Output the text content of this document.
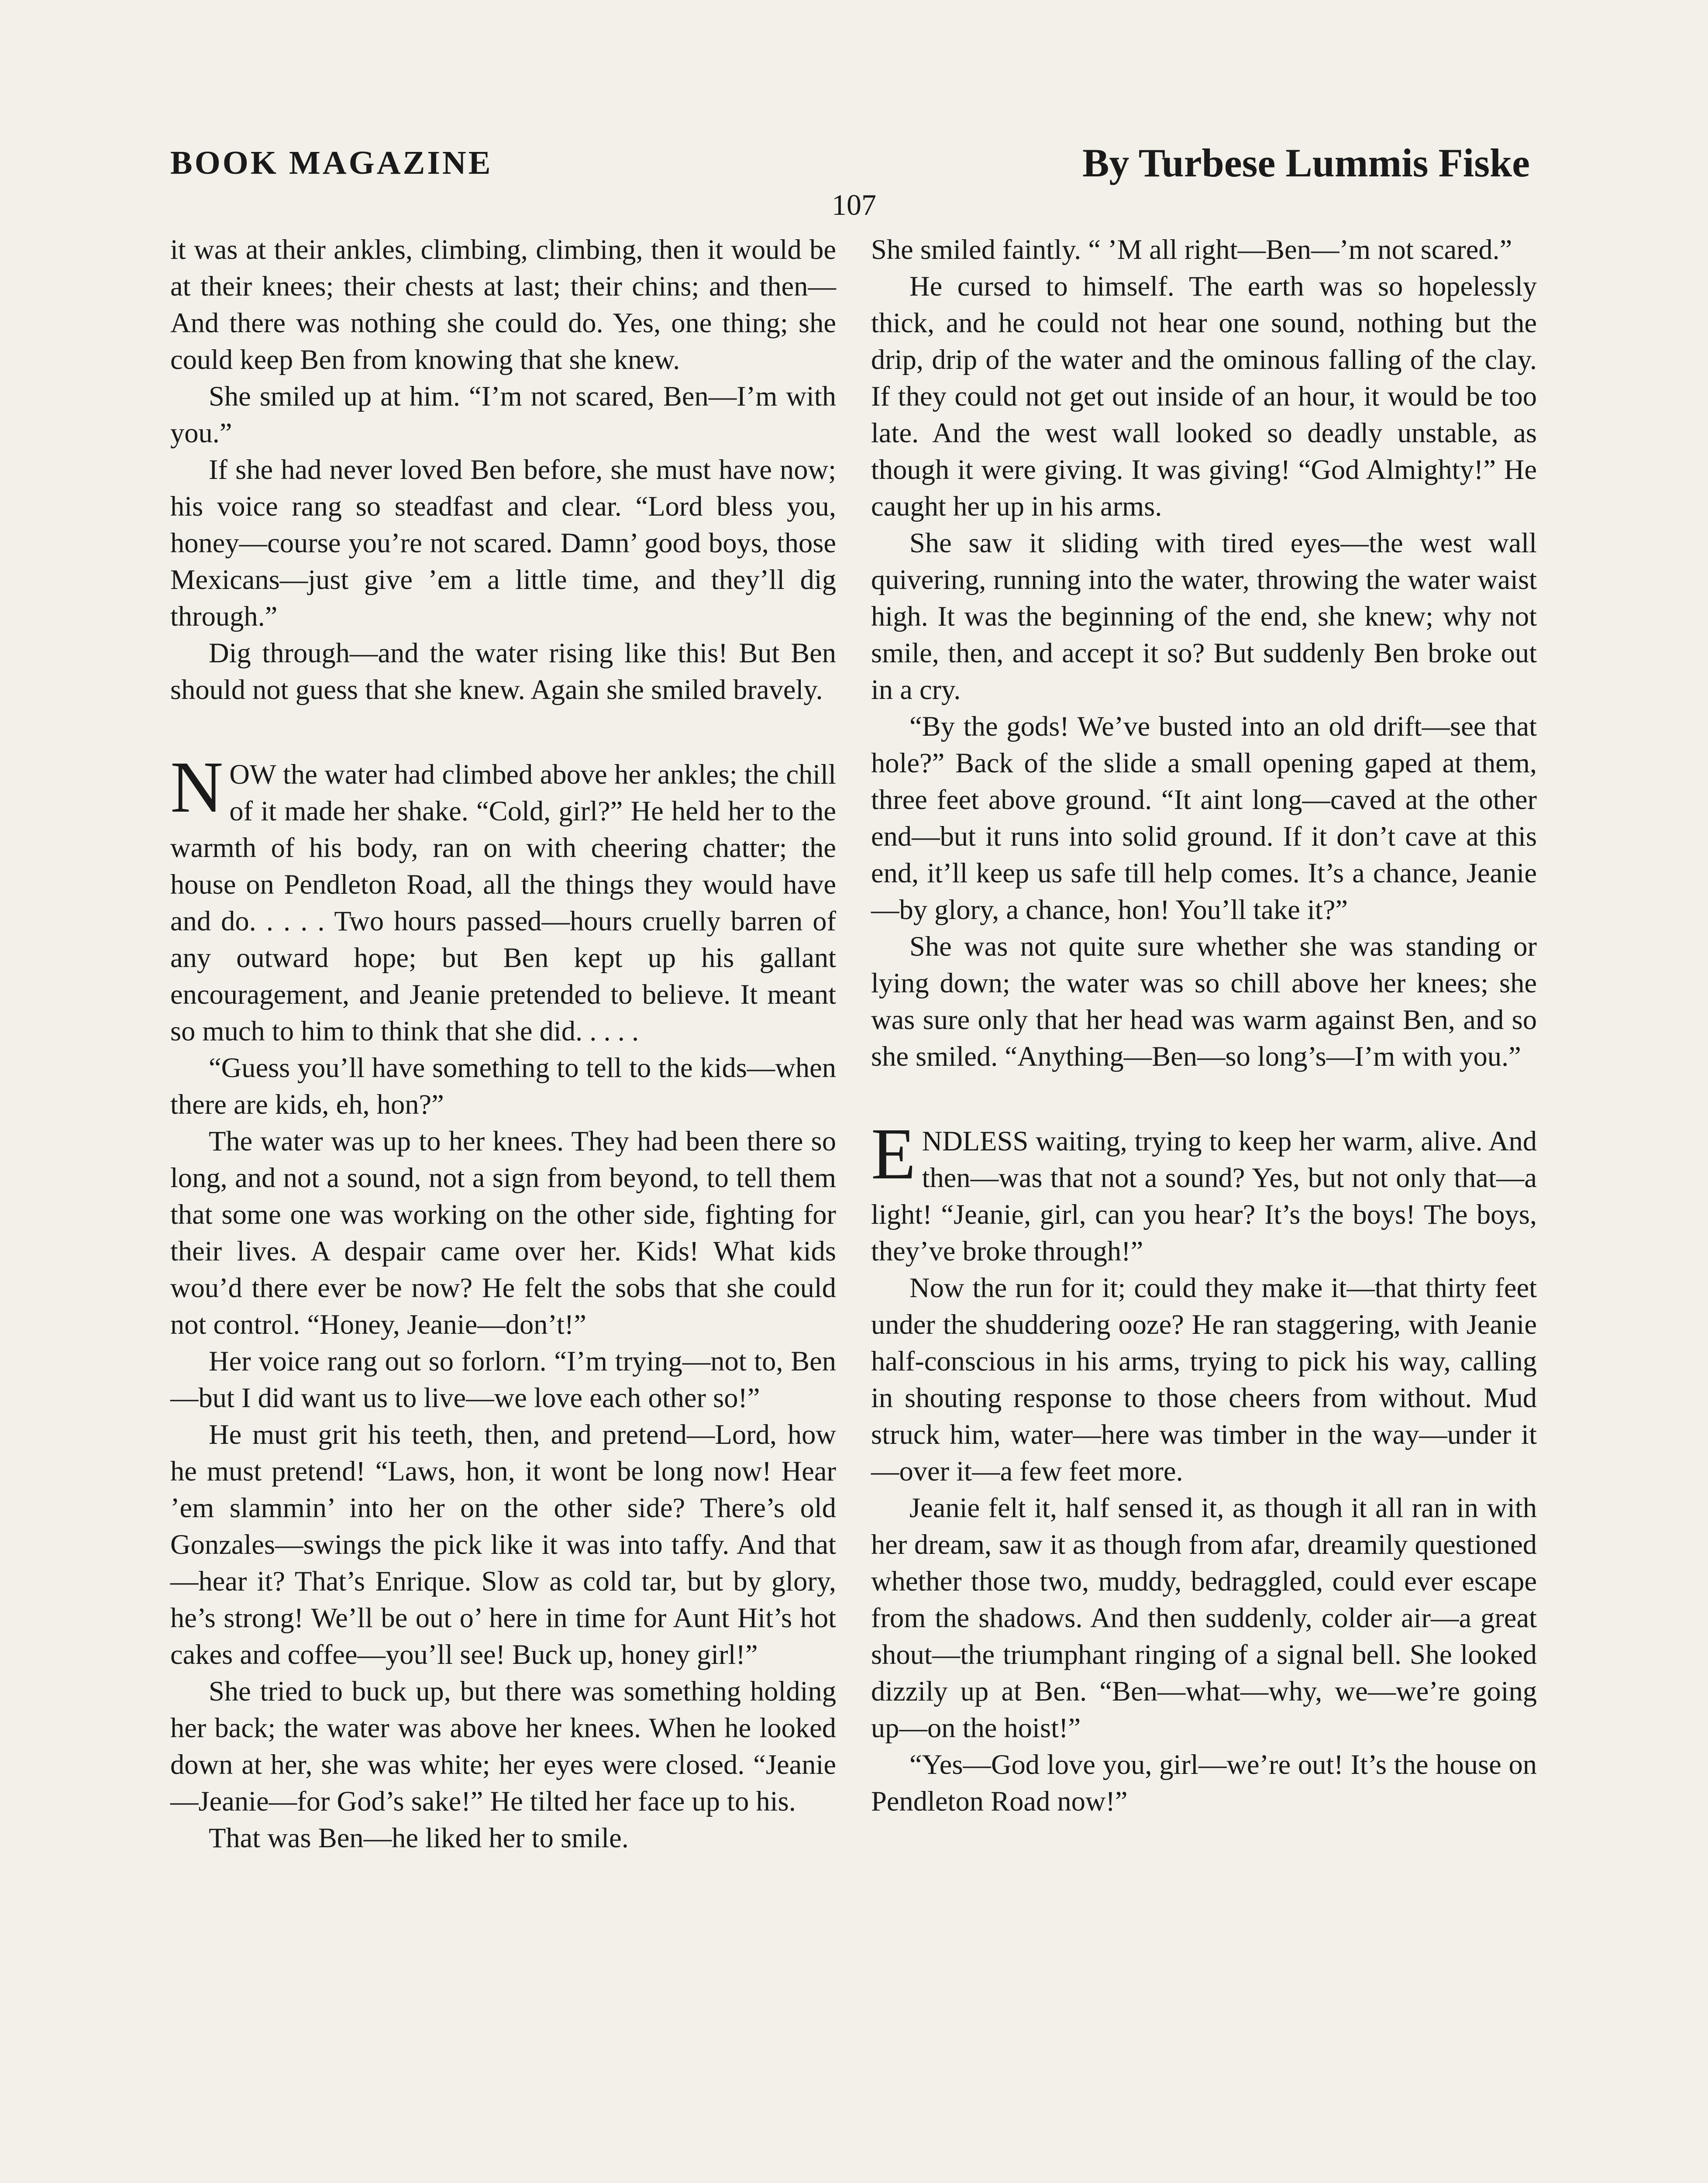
BOOK MAGAZINE	By Turbese Lummis Fiske
107

it was at their ankles, climbing, climbing, then it would be at their knees; their chests at last; their chins; and then—And there was nothing she could do. Yes, one thing; she could keep Ben from knowing that she knew.

She smiled up at him. “I’m not scared, Ben—I’m with you.”

If she had never loved Ben before, she must have now; his voice rang so steadfast and clear. “Lord bless you, honey—course you’re not scared. Damn’ good boys, those Mexicans—just give ’em a little time, and they’ll dig through.”

Dig through—and the water rising like this! But Ben should not guess that she knew. Again she smiled bravely.

NOW the water had climbed above her ankles; the chill of it made her shake. “Cold, girl?” He held her to the warmth of his body, ran on with cheering chatter; the house on Pendleton Road, all the things they would have and do. . . . . Two hours passed—hours cruelly barren of any outward hope; but Ben kept up his gallant encouragement, and Jeanie pretended to believe. It meant so much to him to think that she did. . . . .

“Guess you’ll have something to tell to the kids—when there are kids, eh, hon?”

The water was up to her knees. They had been there so long, and not a sound, not a sign from beyond, to tell them that some one was working on the other side, fighting for their lives. A despair came over her. Kids! What kids wou’d there ever be now? He felt the sobs that she could not control. “Honey, Jeanie—don’t!”

Her voice rang out so forlorn. “I’m trying—not to, Ben—but I did want us to live—we love each other so!”

He must grit his teeth, then, and pretend—Lord, how he must pretend! “Laws, hon, it wont be long now! Hear ’em slammin’ into her on the other side? There’s old Gonzales—swings the pick like it was into taffy. And that—hear it? That’s Enrique. Slow as cold tar, but by glory, he’s strong! We’ll be out o’ here in time for Aunt Hit’s hot cakes and coffee—you’ll see! Buck up, honey girl!”

She tried to buck up, but there was something holding her back; the water was above her knees. When he looked down at her, she was white; her eyes were closed. “Jeanie—Jeanie—for God’s sake!” He tilted her face up to his.

That was Ben—he liked her to smile.

She smiled faintly. “ ’M all right—Ben—’m not scared.”

He cursed to himself. The earth was so hopelessly thick, and he could not hear one sound, nothing but the drip, drip of the water and the ominous falling of the clay. If they could not get out inside of an hour, it would be too late. And the west wall looked so deadly unstable, as though it were giving. It was giving! “God Almighty!” He caught her up in his arms.

She saw it sliding with tired eyes—the west wall quivering, running into the water, throwing the water waist high. It was the beginning of the end, she knew; why not smile, then, and accept it so? But suddenly Ben broke out in a cry.

“By the gods! We’ve busted into an old drift—see that hole?” Back of the slide a small opening gaped at them, three feet above ground. “It aint long—caved at the other end—but it runs into solid ground. If it don’t cave at this end, it’ll keep us safe till help comes. It’s a chance, Jeanie—by glory, a chance, hon! You’ll take it?”

She was not quite sure whether she was standing or lying down; the water was so chill above her knees; she was sure only that her head was warm against Ben, and so she smiled. “Anything—Ben—so long’s—I’m with you.”

ENDLESS waiting, trying to keep her warm, alive. And then—was that not a sound? Yes, but not only that—a light! “Jeanie, girl, can you hear? It’s the boys! The boys, they’ve broke through!”

Now the run for it; could they make it—that thirty feet under the shuddering ooze? He ran staggering, with Jeanie half-conscious in his arms, trying to pick his way, calling in shouting response to those cheers from without. Mud struck him, water—here was timber in the way—under it—over it—a few feet more.

Jeanie felt it, half sensed it, as though it all ran in with her dream, saw it as though from afar, dreamily questioned whether those two, muddy, bedraggled, could ever escape from the shadows. And then suddenly, colder air—a great shout—the triumphant ringing of a signal bell. She looked dizzily up at Ben. “Ben—what—why, we—we’re going up—on the hoist!”

“Yes—God love you, girl—we’re out! It’s the house on Pendleton Road now!”
